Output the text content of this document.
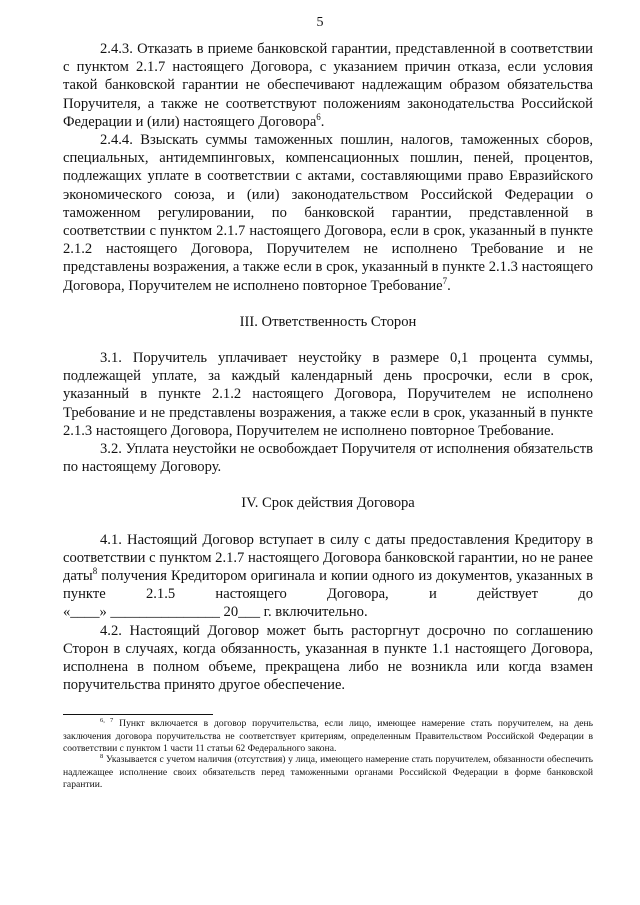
5

2.4.3. Отказать в приеме банковской гарантии, представленной в соответствии с пунктом 2.1.7 настоящего Договора, с указанием причин отказа, если условия такой банковской гарантии не обеспечивают надлежащим образом обязательства Поручителя, а также не соответствуют положениям законодательства Российской Федерации и (или) настоящего Договора$^6$.

2.4.4. Взыскать суммы таможенных пошлин, налогов, таможенных сборов, специальных, антидемпинговых, компенсационных пошлин, пеней, процентов, подлежащих уплате в соответствии с актами, составляющими право Евразийского экономического союза, и (или) законодательством Российской Федерации о таможенном регулировании, по банковской гарантии, представленной в соответствии с пунктом 2.1.7 настоящего Договора, если в срок, указанный в пункте 2.1.2 настоящего Договора, Поручителем не исполнено Требование и не представлены возражения, а также если в срок, указанный в пункте 2.1.3 настоящего Договора, Поручителем не исполнено повторное Требование$^7$.

III. Ответственность Сторон

3.1. Поручитель уплачивает неустойку в размере 0,1 процента суммы, подлежащей уплате, за каждый календарный день просрочки, если в срок, указанный в пункте 2.1.2 настоящего Договора, Поручителем не исполнено Требование и не представлены возражения, а также если в срок, указанный в пункте 2.1.3 настоящего Договора, Поручителем не исполнено повторное Требование.

3.2. Уплата неустойки не освобождает Поручителя от исполнения обязательств по настоящему Договору.

IV. Срок действия Договора

4.1. Настоящий Договор вступает в силу с даты предоставления Кредитору в соответствии с пунктом 2.1.7 настоящего Договора банковской гарантии, но не ранее даты$^8$ получения Кредитором оригинала и копии одного из документов, указанных в пункте 2.1.5 настоящего Договора, и действует до

«____» _______________ 20___ г. включительно.

4.2. Настоящий Договор может быть расторгнут досрочно по соглашению Сторон в случаях, когда обязанность, указанная в пункте 1.1 настоящего Договора, исполнена в полном объеме, прекращена либо не возникла или когда взамен поручительства принято другое обеспечение.

$^{6, 7}$ Пункт включается в договор поручительства, если лицо, имеющее намерение стать поручителем, на день заключения договора поручительства не соответствует критериям, определенным Правительством Российской Федерации в соответствии с пунктом 1 части 11 статьи 62 Федерального закона.

$^8$ Указывается с учетом наличия (отсутствия) у лица, имеющего намерение стать поручителем, обязанности обеспечить надлежащее исполнение своих обязательств перед таможенными органами Российской Федерации в форме банковской гарантии.
